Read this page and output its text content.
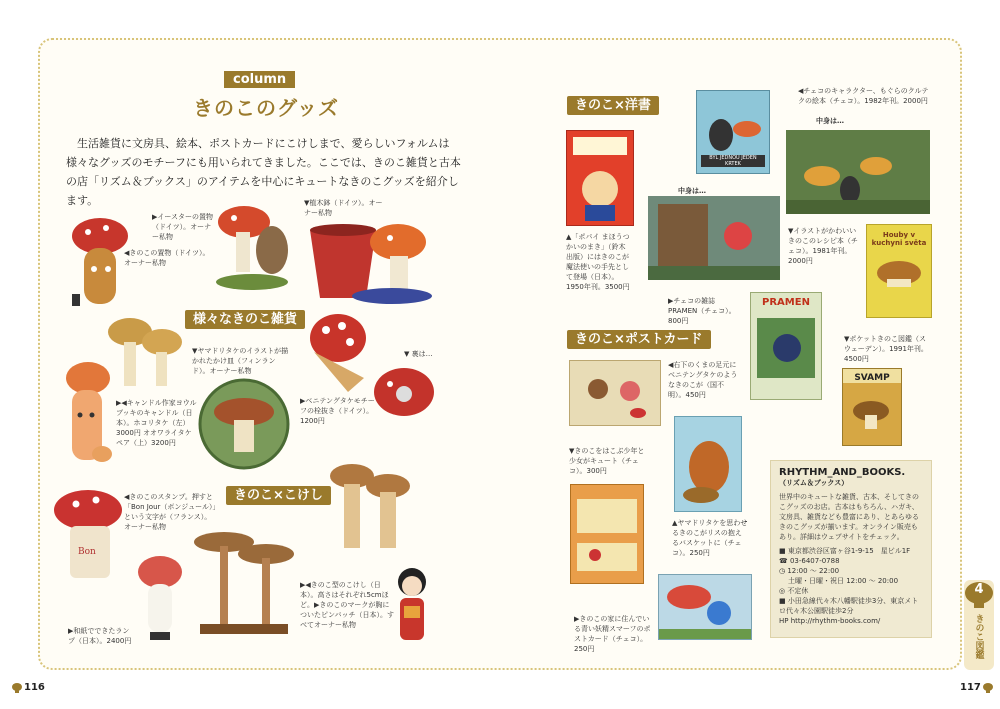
column
きのこのグッズ
生活雑貨に文房具、絵本、ポストカードにこけしまで、愛らしいフォルムは様々なグッズのモチーフにも用いられてきました。ここでは、きのこ雑貨と古本の店「リズム＆ブックス」のアイテムを中心にキュートなきのこグッズを紹介します。
◀きのこの置物（ドイツ）。オーナー私物
▶イースターの置物（ドイツ）。オーナー私物
▼植木鉢（ドイツ）。オーナー私物
様々なきのこ雑貨
▶◀キャンドル作家ヨウルブッキのキャンドル（日本）。ホコリタケ（左）3000円 オオワライタケ ペア（上）3200円
▼ヤマドリタケのイラストが描かれたかけ皿（フィンランド）。オーナー私物
▼ 裏は…
▶ベニテングタケモチーフの栓抜き（ドイツ）。1200円
きのこ×こけし
Bon
◀きのこのスタンプ。押すと「Bon Jour（ボンジュール）」という文字が（フランス）。オーナー私物
▶和紙でできたランプ（日本）。2400円
▶◀きのこ型のこけし（日本）。高さはそれぞれ5cmほど。▶きのこのマークが胸についたピンバッチ（日本）。すべてオーナー私物
きのこ×洋書
▲「ポパイ まほうつかいのまき」（鈴木出版）にはきのこが魔法使いの手先として登場（日本）。1950年刊。3500円
BYL JEDNOU JEDEN KRTEK
◀チェコのキャラクター、もぐらのクルテクの絵本（チェコ）。1982年刊。2000円
中身は…
中身は…
▼イラストがかわいいきのこのレシピ本（チェコ）。1981年刊。2000円
Houby v kuchyni světa
PRAMEN
▶チェコの雑誌 PRAMEN（チェコ）。800円
きのこ×ポストカード	▼ポケットきのこ図鑑（スウェーデン）。1991年刊。4500円
SVAMP
◀右下のくまの足元にベニテングタケのようなきのこが（国不明）。450円
▼きのこをはこぶ少年と少女がキュート（チェコ）。300円
▲ヤマドリタケを思わせるきのこがリスの抱えるバスケットに（チェコ）。250円
▶きのこの家に住んでいる青い妖精スマーフのポストカード（チェコ）。250円
RHYTHM_AND_BOOKS.
（リズム＆ブックス）
世界中のキュートな雑貨、古本、そしてきのこグッズのお店。古本はもちろん、ハガキ、文房具、雑貨なども豊富にあり、とあらゆるきのこグッズが揃います。オンライン販売もあり。詳細はウェブサイトをチェック。
■ 東京都渋谷区富ヶ谷1-9-15　星ビル1F
☎ 03-6407-0788
◷ 12:00 〜 22:00
土曜・日曜・祝日 12:00 〜 20:00
◎ 不定休
■ 小田急線代々木八幡駅徒歩3分、東京メトロ代々木公園駅徒歩2分
HP http://rhythm-books.com/
4
きのこ図鑑
116	117
